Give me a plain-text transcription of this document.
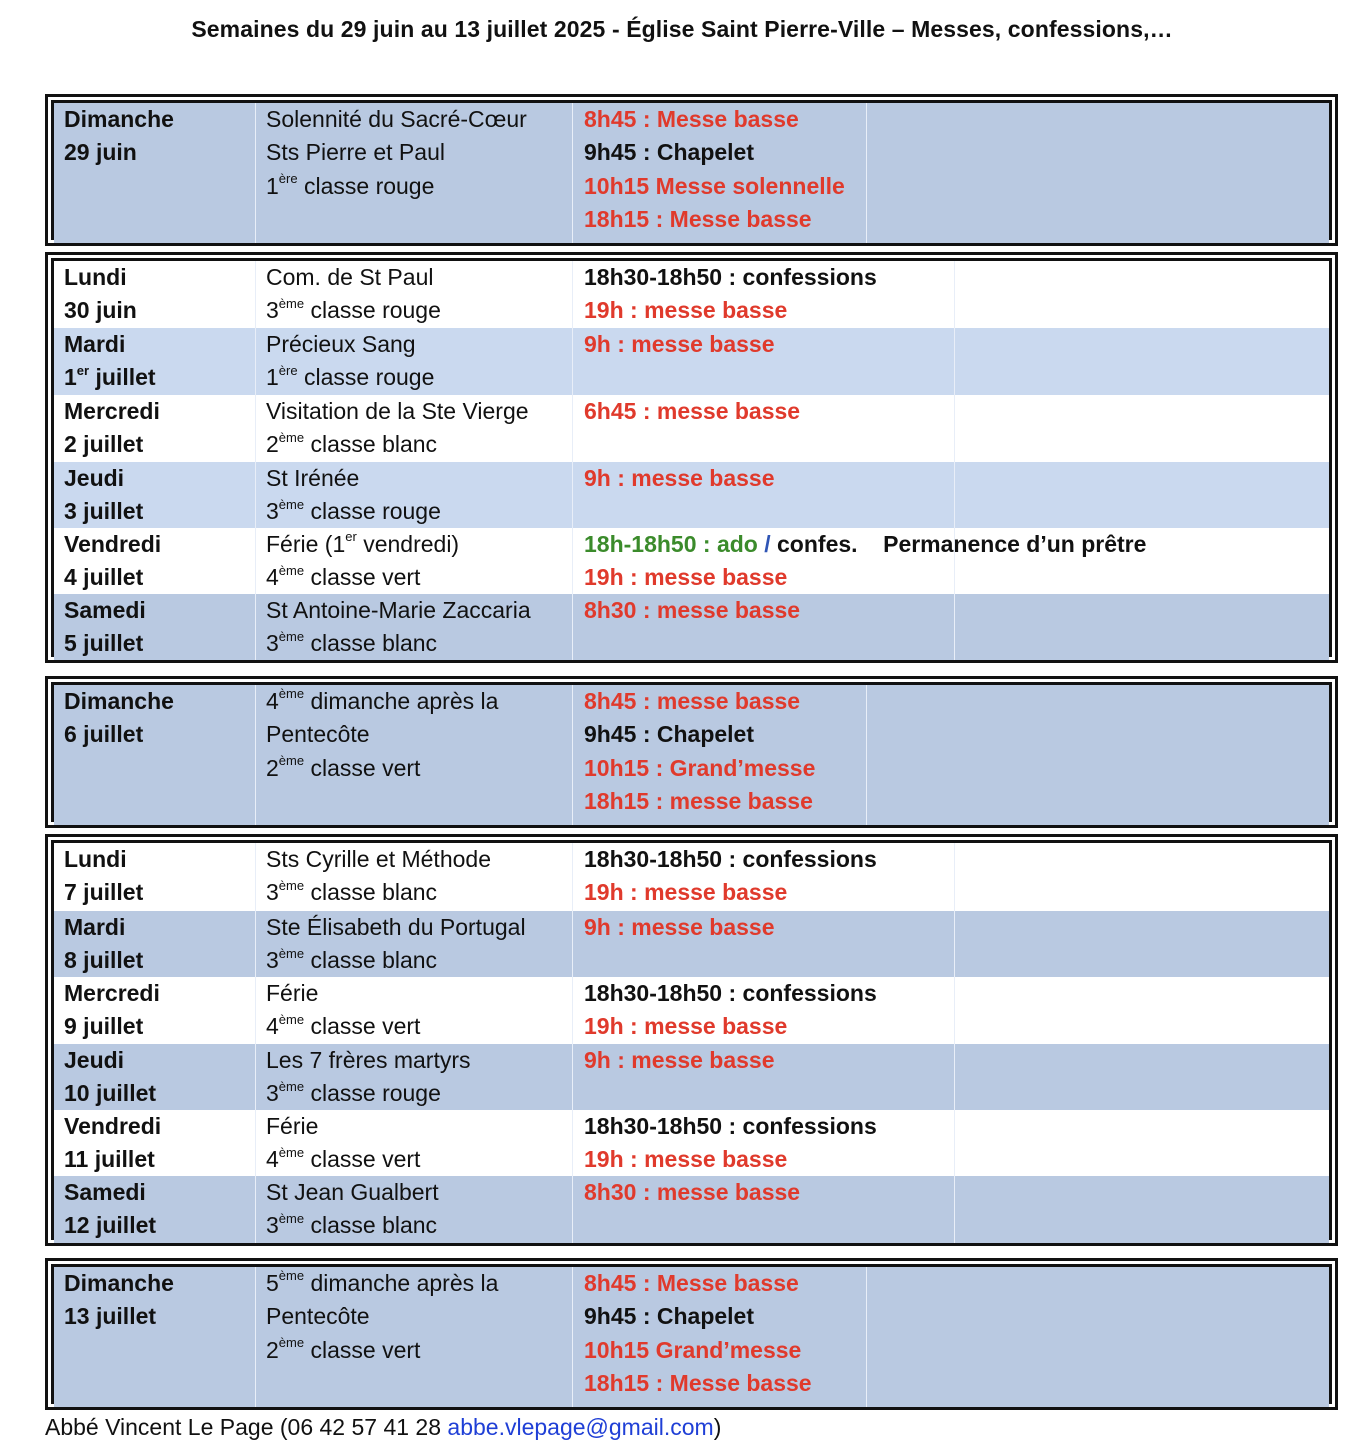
Semaines du 29 juin au 13 juillet 2025 - Église Saint Pierre-Ville – Messes, confessions,…
Dimanche
29 juin
Solennité du Sacré-Cœur
Sts Pierre et Paul
1ère classe rouge
8h45 : Messe basse
9h45 : Chapelet
10h15 Messe solennelle
18h15 : Messe basse
Lundi
30 juin
Com. de St Paul
3ème classe rouge
18h30-18h50 : confessions
19h : messe basse
Mardi
1er juillet
Précieux Sang
1ère classe rouge
9h : messe basse
Mercredi
2 juillet
Visitation de la Ste Vierge
2ème classe blanc
6h45 : messe basse
Jeudi
3 juillet
St Irénée
3ème classe rouge
9h : messe basse
Vendredi
4 juillet
Férie (1er vendredi)
4ème classe vert
18h-18h50 : ado / confes.    Permanence d’un prêtre
19h : messe basse
Samedi
5 juillet
St Antoine-Marie Zaccaria
3ème classe blanc
8h30 : messe basse
Dimanche
6 juillet
4ème dimanche après la
Pentecôte
2ème classe vert
8h45 : messe basse
9h45 : Chapelet
10h15 : Grand’messe
18h15 : messe basse
Lundi
7 juillet
Sts Cyrille et Méthode
3ème classe blanc
18h30-18h50 : confessions
19h : messe basse
Mardi
8 juillet
Ste Élisabeth du Portugal
3ème classe blanc
9h : messe basse
Mercredi
9 juillet
Férie
4ème classe vert
18h30-18h50 : confessions
19h : messe basse
Jeudi
10 juillet
Les 7 frères martyrs
3ème classe rouge
9h : messe basse
Vendredi
11 juillet
Férie
4ème classe vert
18h30-18h50 : confessions
19h : messe basse
Samedi
12 juillet
St Jean Gualbert
3ème classe blanc
8h30 : messe basse
Dimanche
13 juillet
5ème dimanche après la
Pentecôte
2ème classe vert
8h45 : Messe basse
9h45 : Chapelet
10h15 Grand’messe
18h15 : Messe basse
Abbé Vincent Le Page (06 42 57 41 28 abbe.vlepage@gmail.com)
